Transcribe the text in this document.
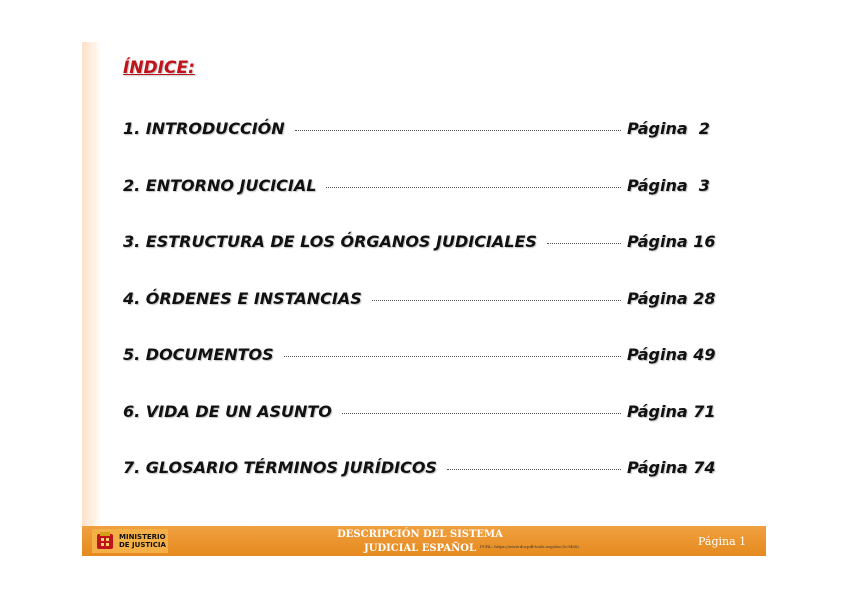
ÍNDICE:
1. INTRODUCCIÓN	Página  2
2. ENTORNO JUCICIAL	Página  3
3. ESTRUCTURA DE LOS ÓRGANOS JUDICIALES	Página 16
4. ÓRDENES E INSTANCIAS	Página 28
5. DOCUMENTOS	Página 49
6. VIDA DE UN ASUNTO	Página 71
7. GLOSARIO TÉRMINOS JURÍDICOS	Página 74
MINISTERIO
DE JUSTICIA
DESCRIPCIÓN DEL SISTEMA
JUDICIAL ESPAÑOL	PURL: https://www.docpdf-tools.org/doc/5c9408/	Página 1
